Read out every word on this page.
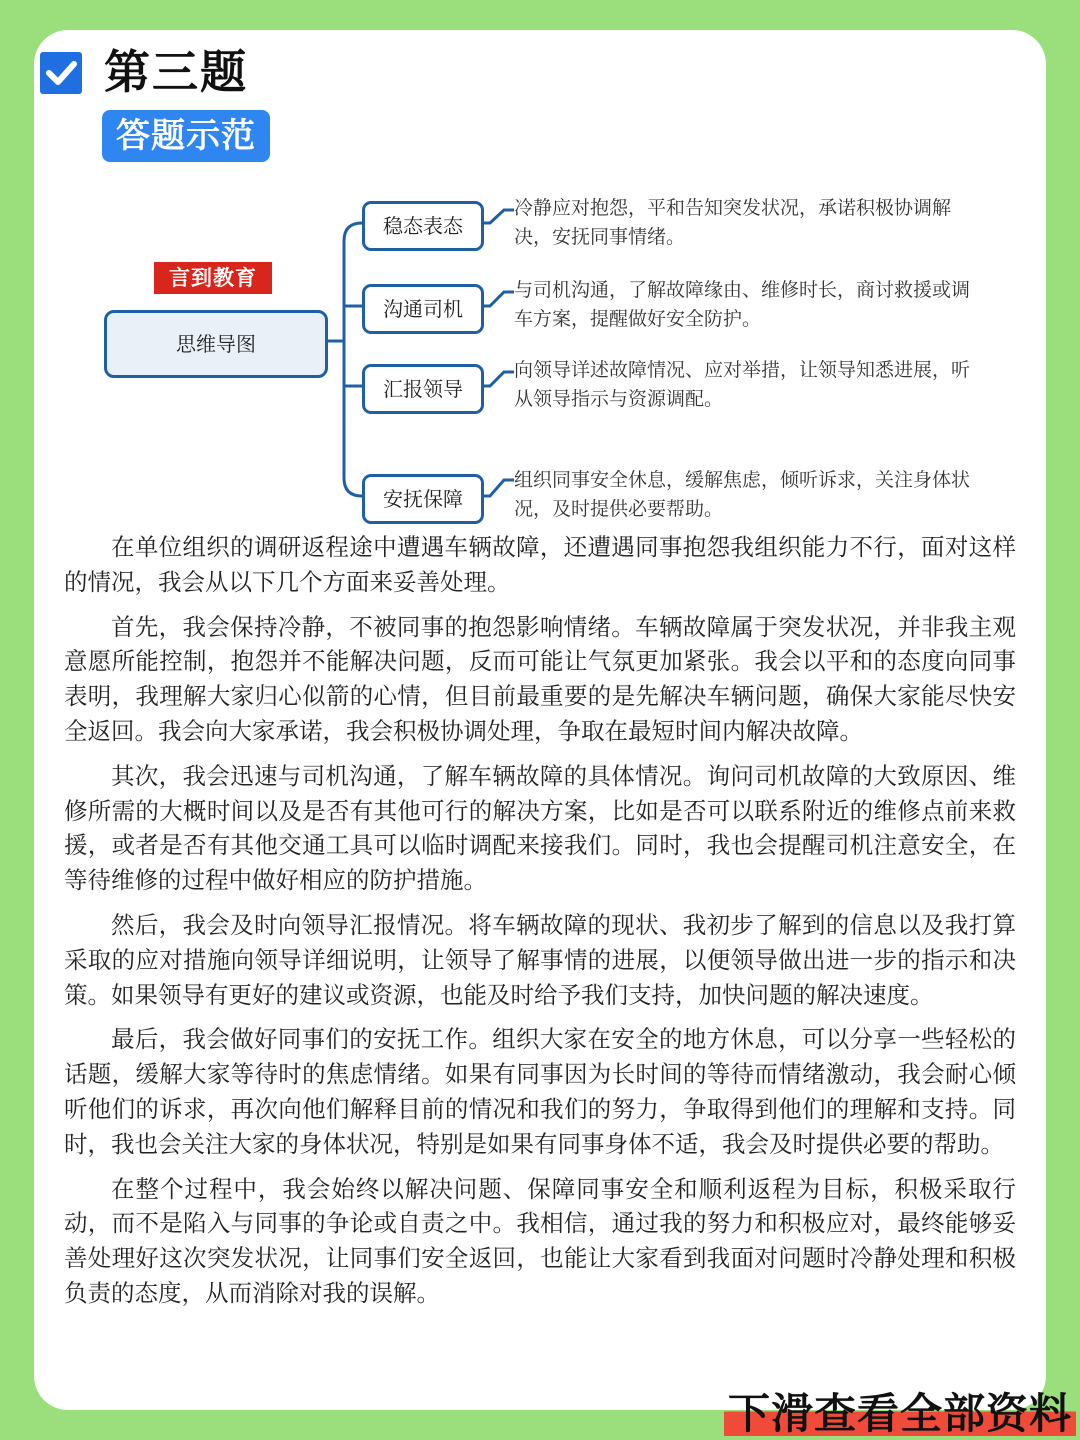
第三题
答题示范
言到教育
思维导图
稳态表态
冷静应对抱怨，平和告知突发状况，承诺积极协调解决，安抚同事情绪。
沟通司机
与司机沟通，了解故障缘由、维修时长，商讨救援或调车方案，提醒做好安全防护。
汇报领导
向领导详述故障情况、应对举措，让领导知悉进展，听从领导指示与资源调配。
安抚保障
组织同事安全休息，缓解焦虑，倾听诉求，关注身体状况，及时提供必要帮助。

在单位组织的调研返程途中遭遇车辆故障，还遭遇同事抱怨我组织能力不行，面对这样的情况，我会从以下几个方面来妥善处理。

首先，我会保持冷静，不被同事的抱怨影响情绪。车辆故障属于突发状况，并非我主观意愿所能控制，抱怨并不能解决问题，反而可能让气氛更加紧张。我会以平和的态度向同事表明，我理解大家归心似箭的心情，但目前最重要的是先解决车辆问题，确保大家能尽快安全返回。我会向大家承诺，我会积极协调处理，争取在最短时间内解决故障。

其次，我会迅速与司机沟通，了解车辆故障的具体情况。询问司机故障的大致原因、维修所需的大概时间以及是否有其他可行的解决方案，比如是否可以联系附近的维修点前来救援，或者是否有其他交通工具可以临时调配来接我们。同时，我也会提醒司机注意安全，在等待维修的过程中做好相应的防护措施。

然后，我会及时向领导汇报情况。将车辆故障的现状、我初步了解到的信息以及我打算采取的应对措施向领导详细说明，让领导了解事情的进展，以便领导做出进一步的指示和决策。如果领导有更好的建议或资源，也能及时给予我们支持，加快问题的解决速度。

最后，我会做好同事们的安抚工作。组织大家在安全的地方休息，可以分享一些轻松的话题，缓解大家等待时的焦虑情绪。如果有同事因为长时间的等待而情绪激动，我会耐心倾听他们的诉求，再次向他们解释目前的情况和我们的努力，争取得到他们的理解和支持。同时，我也会关注大家的身体状况，特别是如果有同事身体不适，我会及时提供必要的帮助。

在整个过程中，我会始终以解决问题、保障同事安全和顺利返程为目标，积极采取行动，而不是陷入与同事的争论或自责之中。我相信，通过我的努力和积极应对，最终能够妥善处理好这次突发状况，让同事们安全返回，也能让大家看到我面对问题时冷静处理和积极负责的态度，从而消除对我的误解。

下滑查看全部资料
